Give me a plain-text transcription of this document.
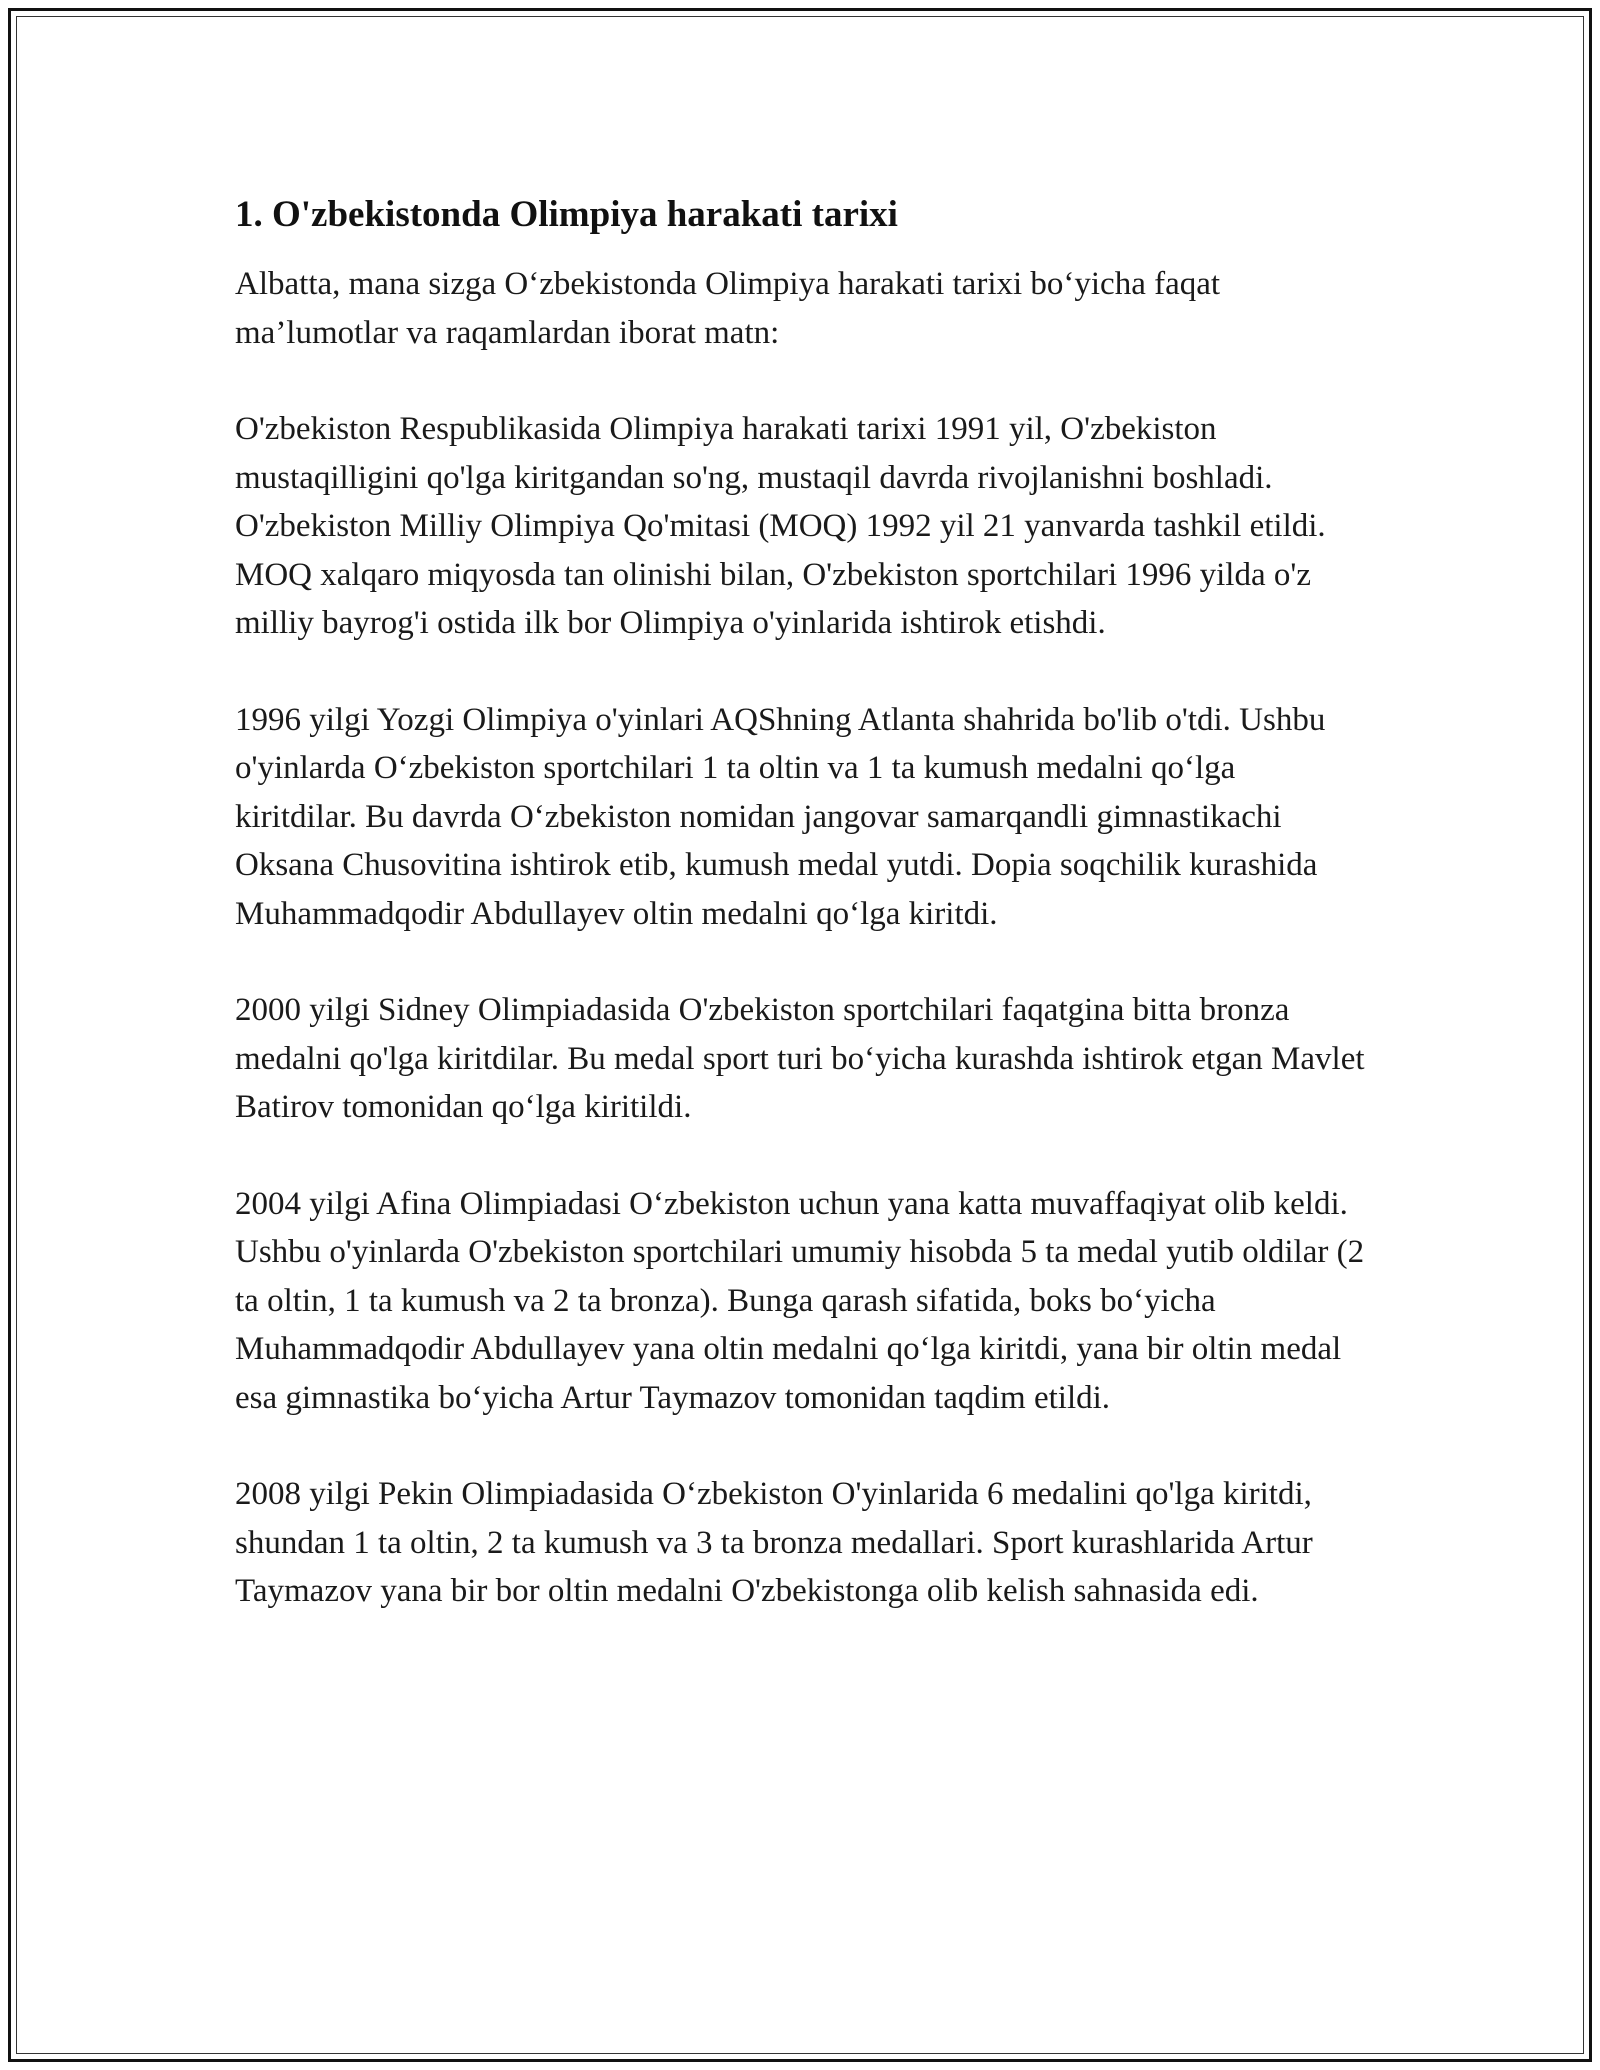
1. O'zbekistonda Olimpiya harakati tarixi

Albatta, mana sizga O‘zbekistonda Olimpiya harakati tarixi bo‘yicha faqat ma’lumotlar va raqamlardan iborat matn:

O'zbekiston Respublikasida Olimpiya harakati tarixi 1991 yil, O'zbekiston mustaqilligini qo'lga kiritgandan so'ng, mustaqil davrda rivojlanishni boshladi. O'zbekiston Milliy Olimpiya Qo'mitasi (MOQ) 1992 yil 21 yanvarda tashkil etildi. MOQ xalqaro miqyosda tan olinishi bilan, O'zbekiston sportchilari 1996 yilda o'z milliy bayrog'i ostida ilk bor Olimpiya o'yinlarida ishtirok etishdi.

1996 yilgi Yozgi Olimpiya o'yinlari AQShning Atlanta shahrida bo'lib o'tdi. Ushbu o'yinlarda O‘zbekiston sportchilari 1 ta oltin va 1 ta kumush medalni qo‘lga kiritdilar. Bu davrda O‘zbekiston nomidan jangovar samarqandli gimnastikachi Oksana Chusovitina ishtirok etib, kumush medal yutdi. Dopia soqchilik kurashida Muhammadqodir Abdullayev oltin medalni qo‘lga kiritdi.

2000 yilgi Sidney Olimpiadasida O'zbekiston sportchilari faqatgina bitta bronza medalni qo'lga kiritdilar. Bu medal sport turi bo‘yicha kurashda ishtirok etgan Mavlet Batirov tomonidan qo‘lga kiritildi.

2004 yilgi Afina Olimpiadasi O‘zbekiston uchun yana katta muvaffaqiyat olib keldi. Ushbu o'yinlarda O'zbekiston sportchilari umumiy hisobda 5 ta medal yutib oldilar (2 ta oltin, 1 ta kumush va 2 ta bronza). Bunga qarash sifatida, boks bo‘yicha Muhammadqodir Abdullayev yana oltin medalni qo‘lga kiritdi, yana bir oltin medal esa gimnastika bo‘yicha Artur Taymazov tomonidan taqdim etildi.

2008 yilgi Pekin Olimpiadasida O‘zbekiston O'yinlarida 6 medalini qo'lga kiritdi, shundan 1 ta oltin, 2 ta kumush va 3 ta bronza medallari. Sport kurashlarida Artur Taymazov yana bir bor oltin medalni O'zbekistonga olib kelish sahnasida edi.
